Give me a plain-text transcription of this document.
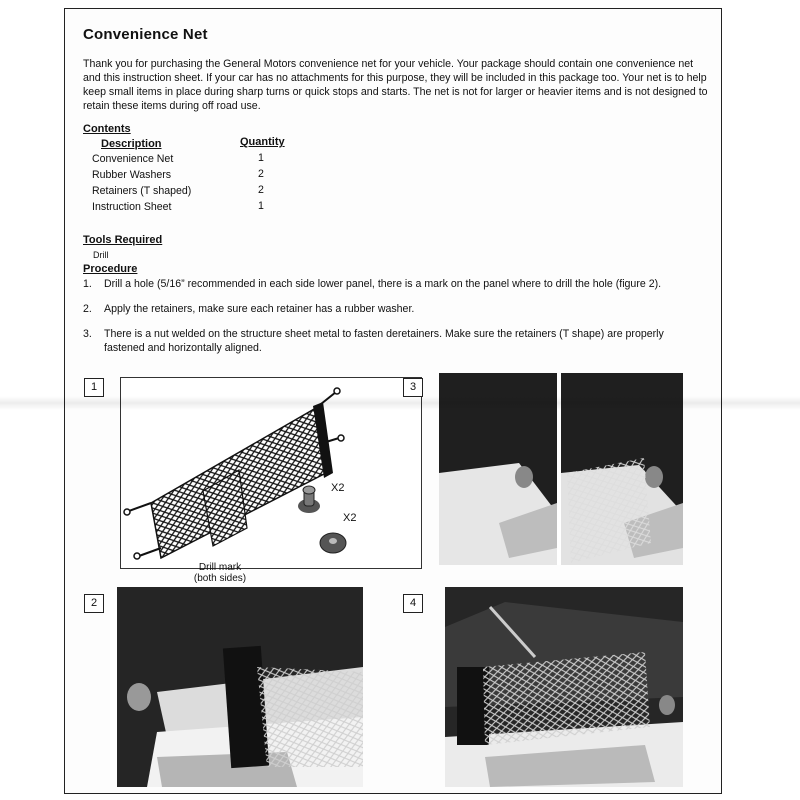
Convenience Net

Thank you for purchasing the General Motors convenience net for your vehicle. Your package should contain one convenience net and this instruction sheet. If your car has no attachments for this purpose, they will be included in this package too. Your net is to help keep small items in place during sharp turns or quick stops and starts. The net is not for larger or heavier items and is not designed to retain these items during off road use.

Contents
Description	Quantity
Convenience Net	1
Rubber Washers	2
Retainers (T shaped)	2
Instruction Sheet	1
Tools Required
Drill
Procedure
1.	Drill a hole (5/16” recommended in each side lower panel, there is a mark on the panel where to drill the hole (figure 2).
2.	Apply the retainers, make sure each retainer has a rubber washer.
3.	There is a nut welded on the structure sheet metal to fasten deretainers. Make sure the retainers (T shape) are properly fastened and horizontally aligned.
1
X2
X2
Drill mark
(both sides)
3
2	4
